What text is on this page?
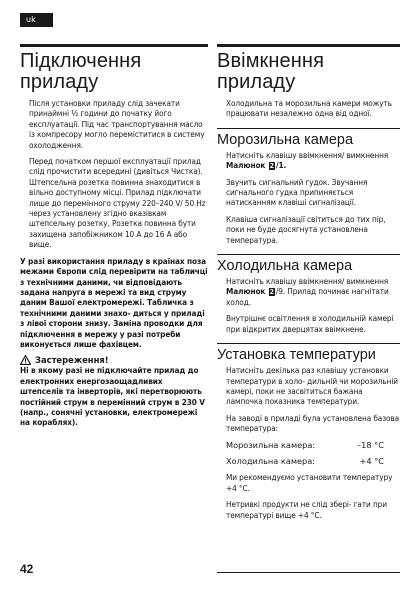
uk
Підключення приладу

Після установки приладу слід зачекати принаймні ½ години до початку його експлуатації. Під час транспортування масло із компресору могло переміститися в систему охолодження.

Перед початком першої експлуатації прилад слід прочистити всередині (дивіться Чистка). Штепсельна розетка повинна знаходитися в вільно доступному місці. Прилад підключати лише до перемінного струму 220–240 V/ 50 Hz через установлену згідно вказівкам штепсельну розетку. Розетка повинна бути захищена запобіжником 10 А до 16 А або вище.

У разі використання приладу в країнах поза межами Європи слід перевірити на табличці з технічними даними, чи відповідають задана напруга в мережі та вид струму даним Вашої електромережі. Табличка з технічними даними знахо- диться у приладі з лівої сторони знизу. Заміна проводки для підключення в мережу у разі потреби виконується лише фахівцем.

Застереження!

Ні в якому разі не підключайте прилад до електронних енергозаощадливих штепселів та інверторів, які перетворюють постійний струм в перемінний струм в 230 V (напр., сонячні установки, електромережі на кораблях).

Ввімкнення приладу

Холодильна та морозильна камери можуть працювати незалежно одна від одної.

Морозильна камера

Натисніть клавішу ввімкнення/ вимкнення Малюнок 2 /1.

Звучить сигнальний гудок. Звучання сигнального гудка припиняється натисканням клавіші сигналізації.

Клавіша сигналізації світиться до тих пір, поки не буде досягнута установлена температура.

Холодильна камера

Натисніть клавішу ввімкнення/ вимкнення Малюнок 2 /9. Прилад починає нагнітати холод.

Внутрішнє освітлення в холодильній камері при відкритих дверцятах ввімкнене.

Установка температури

Натисніть декілька раз клавішу установки температури в холо- дильній чи морозильній камері, поки не засвітиться бажана лампочка показника температури.

На заводі в приладі була установлена базова температура:

Морозильна камера:	–18 °C
Холодильна камера:	+4 °C

Ми рекомендуємо установити температуру +4 °C.

Нетривкі продукти не слід збері- гати при температурі вище +4 °C.

42
